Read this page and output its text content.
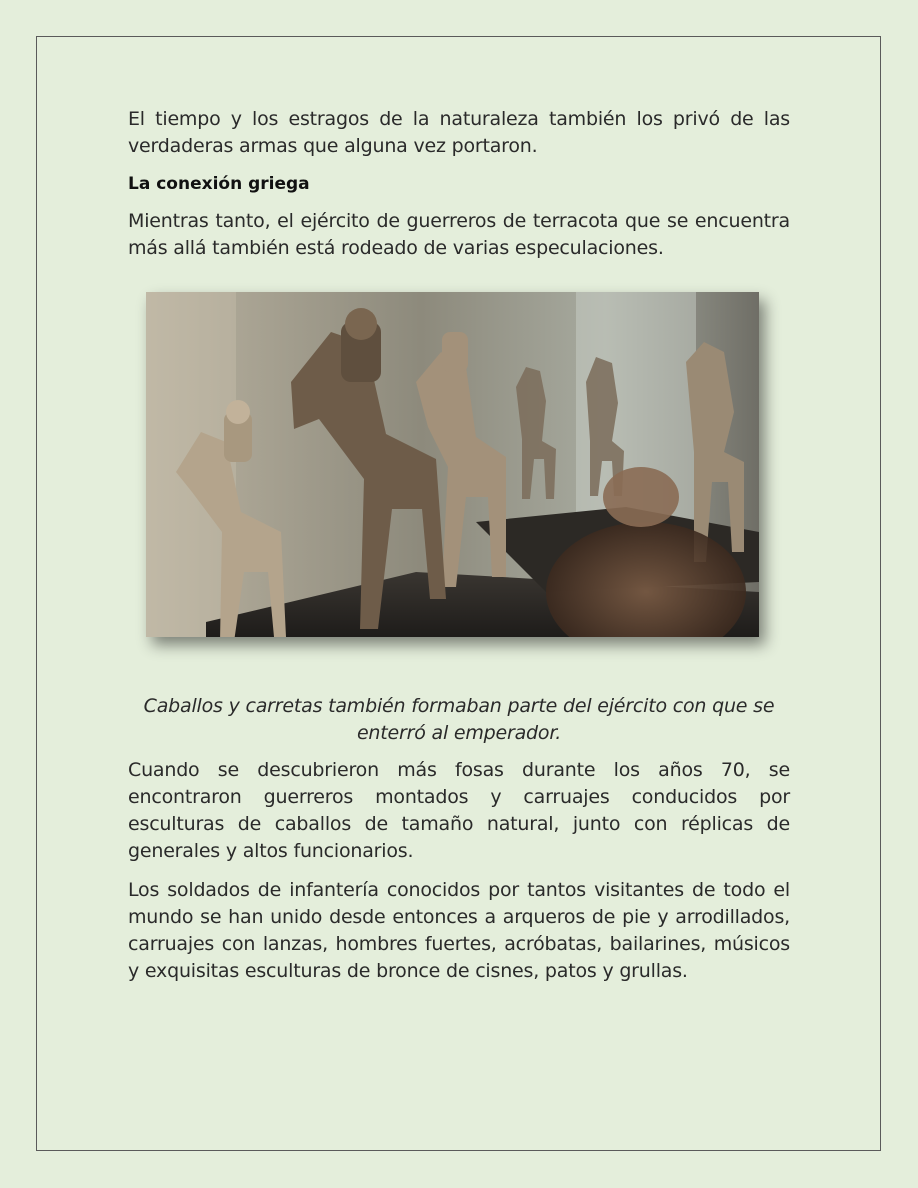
El tiempo y los estragos de la naturaleza también los privó de las verdaderas armas que alguna vez portaron.

La conexión griega

Mientras tanto, el ejército de guerreros de terracota que se encuentra más allá también está rodeado de varias especulaciones.

Caballos y carretas también formaban parte del ejército con que se enterró al emperador.

Cuando se descubrieron más fosas durante los años 70, se encontraron guerreros montados y carruajes conducidos por esculturas de caballos de tamaño natural, junto con réplicas de generales y altos funcionarios.

Los soldados de infantería conocidos por tantos visitantes de todo el mundo se han unido desde entonces a arqueros de pie y arrodillados, carruajes con lanzas, hombres fuertes, acróbatas, bailarines, músicos y exquisitas esculturas de bronce de cisnes, patos y grullas.
